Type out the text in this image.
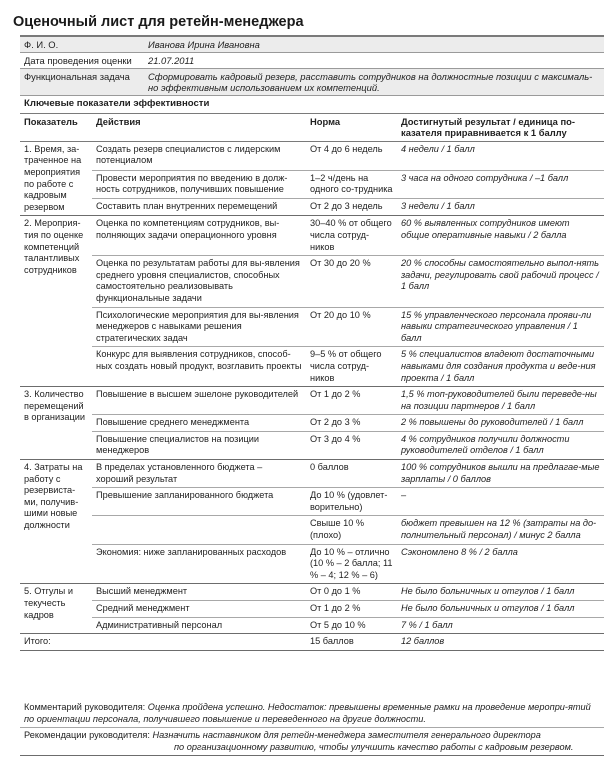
Оценочный лист для ретейн-менеджера
Ф. И. О.	Иванова Ирина Ивановна
Дата проведения оценки	21.07.2011
Функциональная задача	Сформировать кадровый резерв, расставить сотрудников на должностные позиции с максималь-но эффективным использованием их компетенций.
Ключевые показатели эффективности
Показатель	Действия	Норма	Достигнутый результат / единица по-казателя приравнивается к 1 баллу
1. Время, за-траченное на мероприятия по работе с кадровым резервом	Создать резерв специалистов с лидерским потенциалом	От 4 до 6 недель	4 недели / 1 балл
	Провести мероприятия по введению в долж-ность сотрудников, получивших повышение	1–2 ч/день на одного со-трудника	3 часа на одного сотрудника / –1 балл
	Составить план внутренних перемещений	От 2 до 3 недель	3 недели / 1 балл
2. Мероприя-тия по оценке компетенций талантливых сотрудников	Оценка по компетенциям сотрудников, вы-полняющих задачи операционного уровня	30–40 % от общего числа сотруд-ников	60 % выявленных сотрудников имеют общие оперативные навыки / 2 балла
	Оценка по результатам работы для вы-явления среднего уровня специалистов, способных самостоятельно реализовывать функциональные задачи	От 30 до 20 %	20 % способны самостоятельно выпол-нять задачи, регулировать свой рабочий процесс / 1 балл
	Психологические мероприятия для вы-явления менеджеров с навыками решения стратегических задач	От 20 до 10 %	15 % управленческого персонала прояви-ли навыки стратегического управления / 1 балл
	Конкурс для выявления сотрудников, способ-ных создать новый продукт, возглавить проекты	9–5 % от общего числа сотруд-ников	5 % специалистов владеют достаточными навыками для создания продукта и веде-ния проекта / 1 балл
3. Количество перемещений в организации	Повышение в высшем эшелоне руководителей	От 1 до 2 %	1,5 % топ-руководителей были переведе-ны на позиции партнеров / 1 балл
	Повышение среднего менеджмента	От 2 до 3 %	2 % повышены до руководителей / 1 балл
	Повышение специалистов на позиции менеджеров	От 3 до 4 %	4 % сотрудников получили должности руководителей отделов / 1 балл
4. Затраты на работу с резервиста-ми, получив-шими новые должности	В пределах установленного бюджета – хороший результат	0 баллов	100 % сотрудников вышли на предлагае-мые зарплаты / 0 баллов
	Превышение запланированного бюджета	До 10 % (удовлет-ворительно)	–
		Свыше 10 % (плохо)	бюджет превышен на 12 % (затраты на до-полнительный персонал) / минус 2 балла
	Экономия: ниже запланированных расходов	До 10 % – отлично (10 % – 2 балла; 11 % – 4; 12 % – 6)	Сэкономлено 8 % / 2 балла
5. Отгулы и текучесть кадров	Высший менеджмент	От 0 до 1 %	Не было больничных и отгулов / 1 балл
	Средний менеджмент	От 1 до 2 %	Не было больничных и отгулов / 1 балл
	Административный персонал	От 5 до 10 %	7 % / 1 балл
Итого:		15 баллов	12 баллов
Комментарий руководителя: Оценка пройдена успешно. Недостаток: превышены временные рамки на проведение меропри-ятий по ориентации персонала, получившего повышение и переведенного на другие должности.
Рекомендации руководителя: Назначить наставником для ретейн-менеджера заместителя генерального директора
по организационному развитию, чтобы улучшить качество работы с кадровым резервом.
